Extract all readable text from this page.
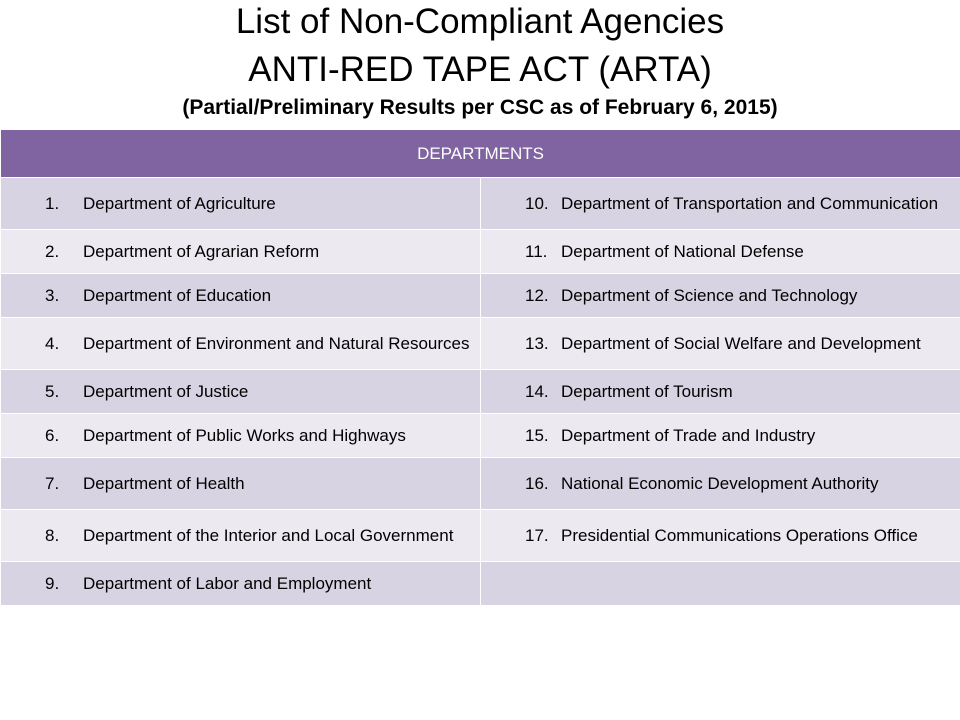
List of Non-Compliant Agencies
ANTI-RED TAPE ACT (ARTA)
(Partial/Preliminary Results per CSC as of February 6, 2015)
DEPARTMENTS	

1. Department of Agriculture	10. Department of Transportation and Communication

2. Department of Agrarian Reform	11. Department of National Defense

3. Department of Education	12. Department of Science and Technology

4. Department of Environment and Natural Resources	13. Department of Social Welfare and Development

5. Department of Justice	14. Department of Tourism

6. Department of Public Works and Highways	15. Department of Trade and Industry

7. Department of Health	16. National Economic Development Authority

8. Department of the Interior and Local Government	17. Presidential Communications Operations Office

9. Department of Labor and Employment	
